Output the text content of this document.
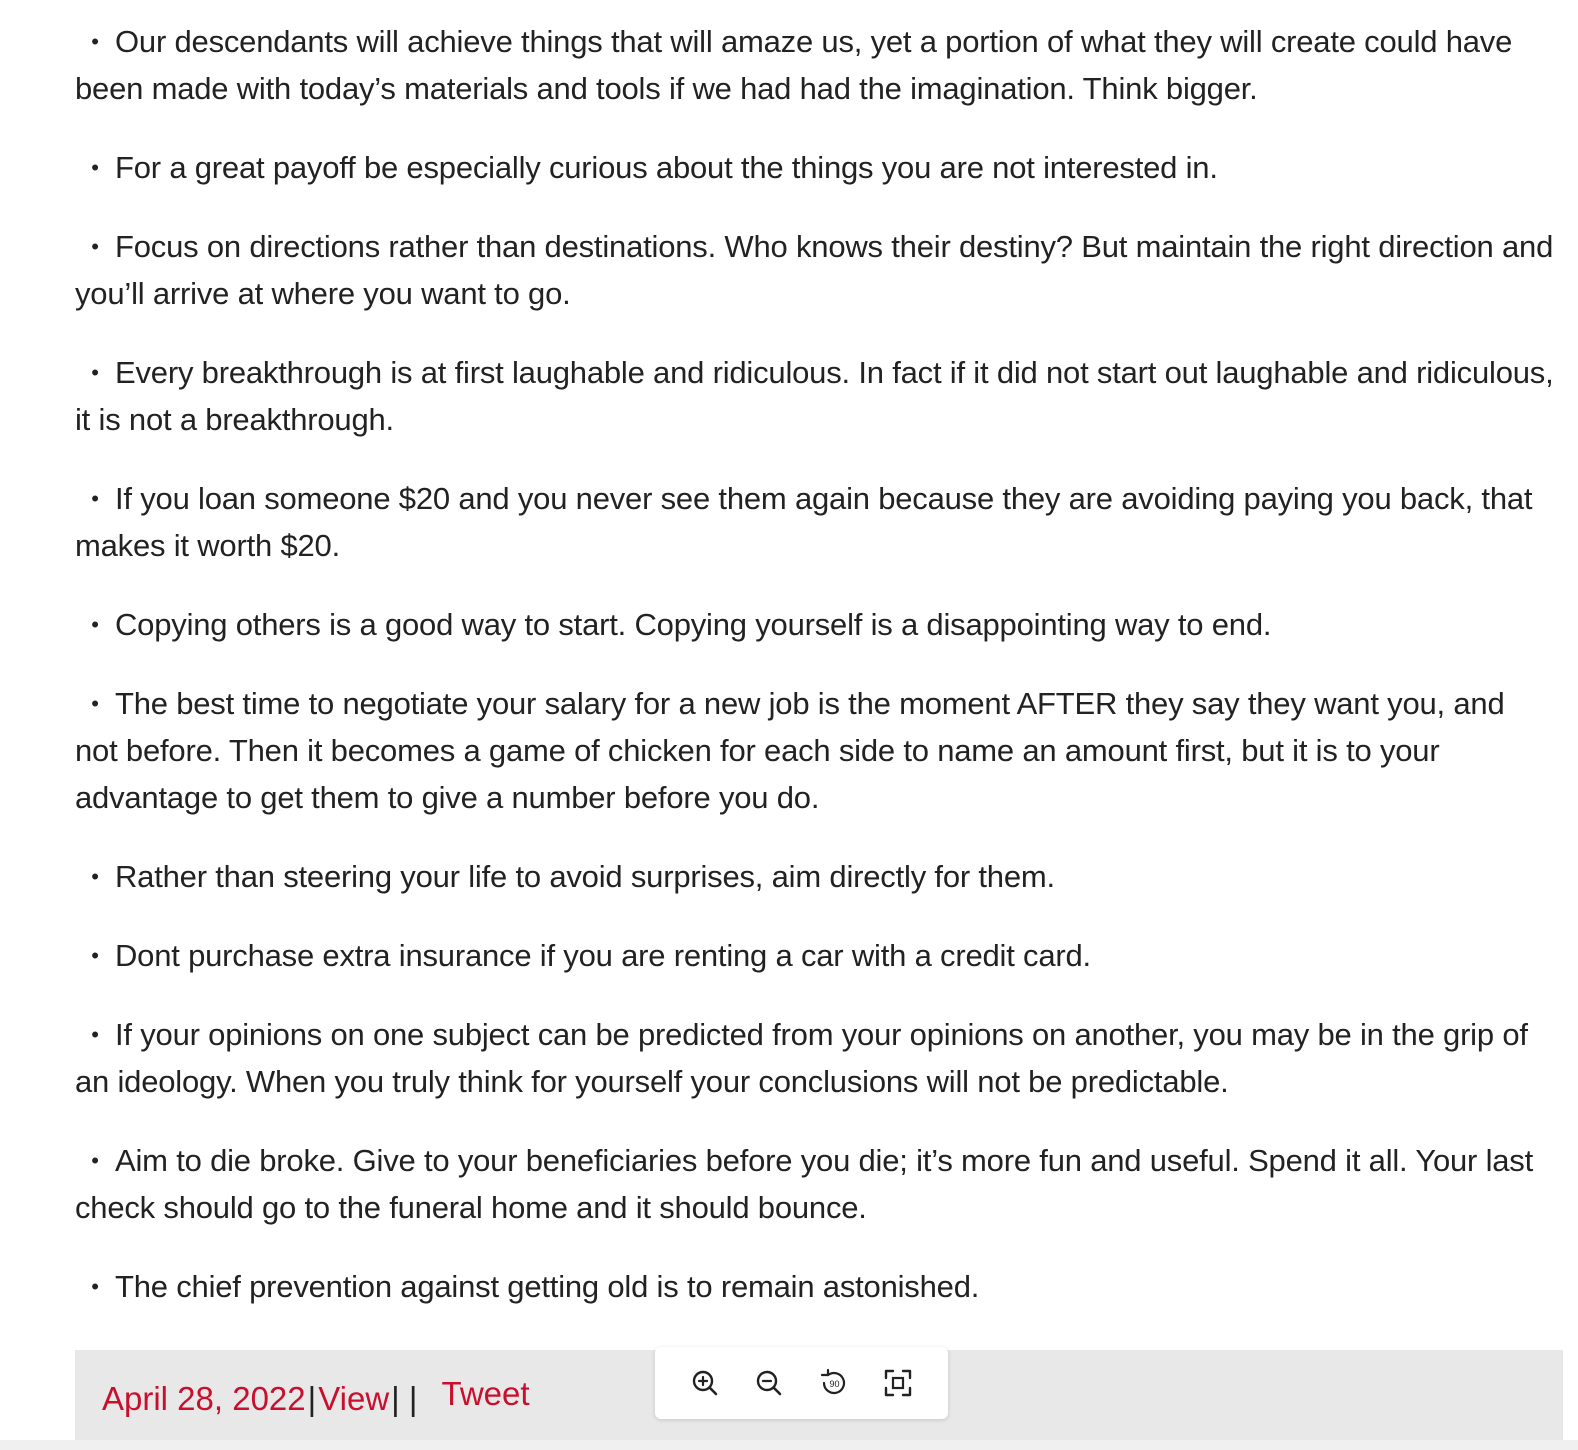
• Our descendants will achieve things that will amaze us, yet a portion of what they will create could have been made with today’s materials and tools if we had had the imagination. Think bigger.

• For a great payoff be especially curious about the things you are not interested in.

• Focus on directions rather than destinations. Who knows their destiny? But maintain the right direction and you’ll arrive at where you want to go.

• Every breakthrough is at first laughable and ridiculous. In fact if it did not start out laughable and ridiculous, it is not a breakthrough.

• If you loan someone $20 and you never see them again because they are avoiding paying you back, that makes it worth $20.

• Copying others is a good way to start. Copying yourself is a disappointing way to end.

• The best time to negotiate your salary for a new job is the moment AFTER they say they want you, and not before. Then it becomes a game of chicken for each side to name an amount first, but it is to your advantage to get them to give a number before you do.

• Rather than steering your life to avoid surprises, aim directly for them.

• Dont purchase extra insurance if you are renting a car with a credit card.

• If your opinions on one subject can be predicted from your opinions on another, you may be in the grip of an ideology. When you truly think for yourself your conclusions will not be predictable.

• Aim to die broke. Give to your beneficiaries before you die; it’s more fun and useful. Spend it all. Your last check should go to the funeral home and it should bounce.

• The chief prevention against getting old is to remain astonished.

April 28, 2022|View| | Tweet	90
